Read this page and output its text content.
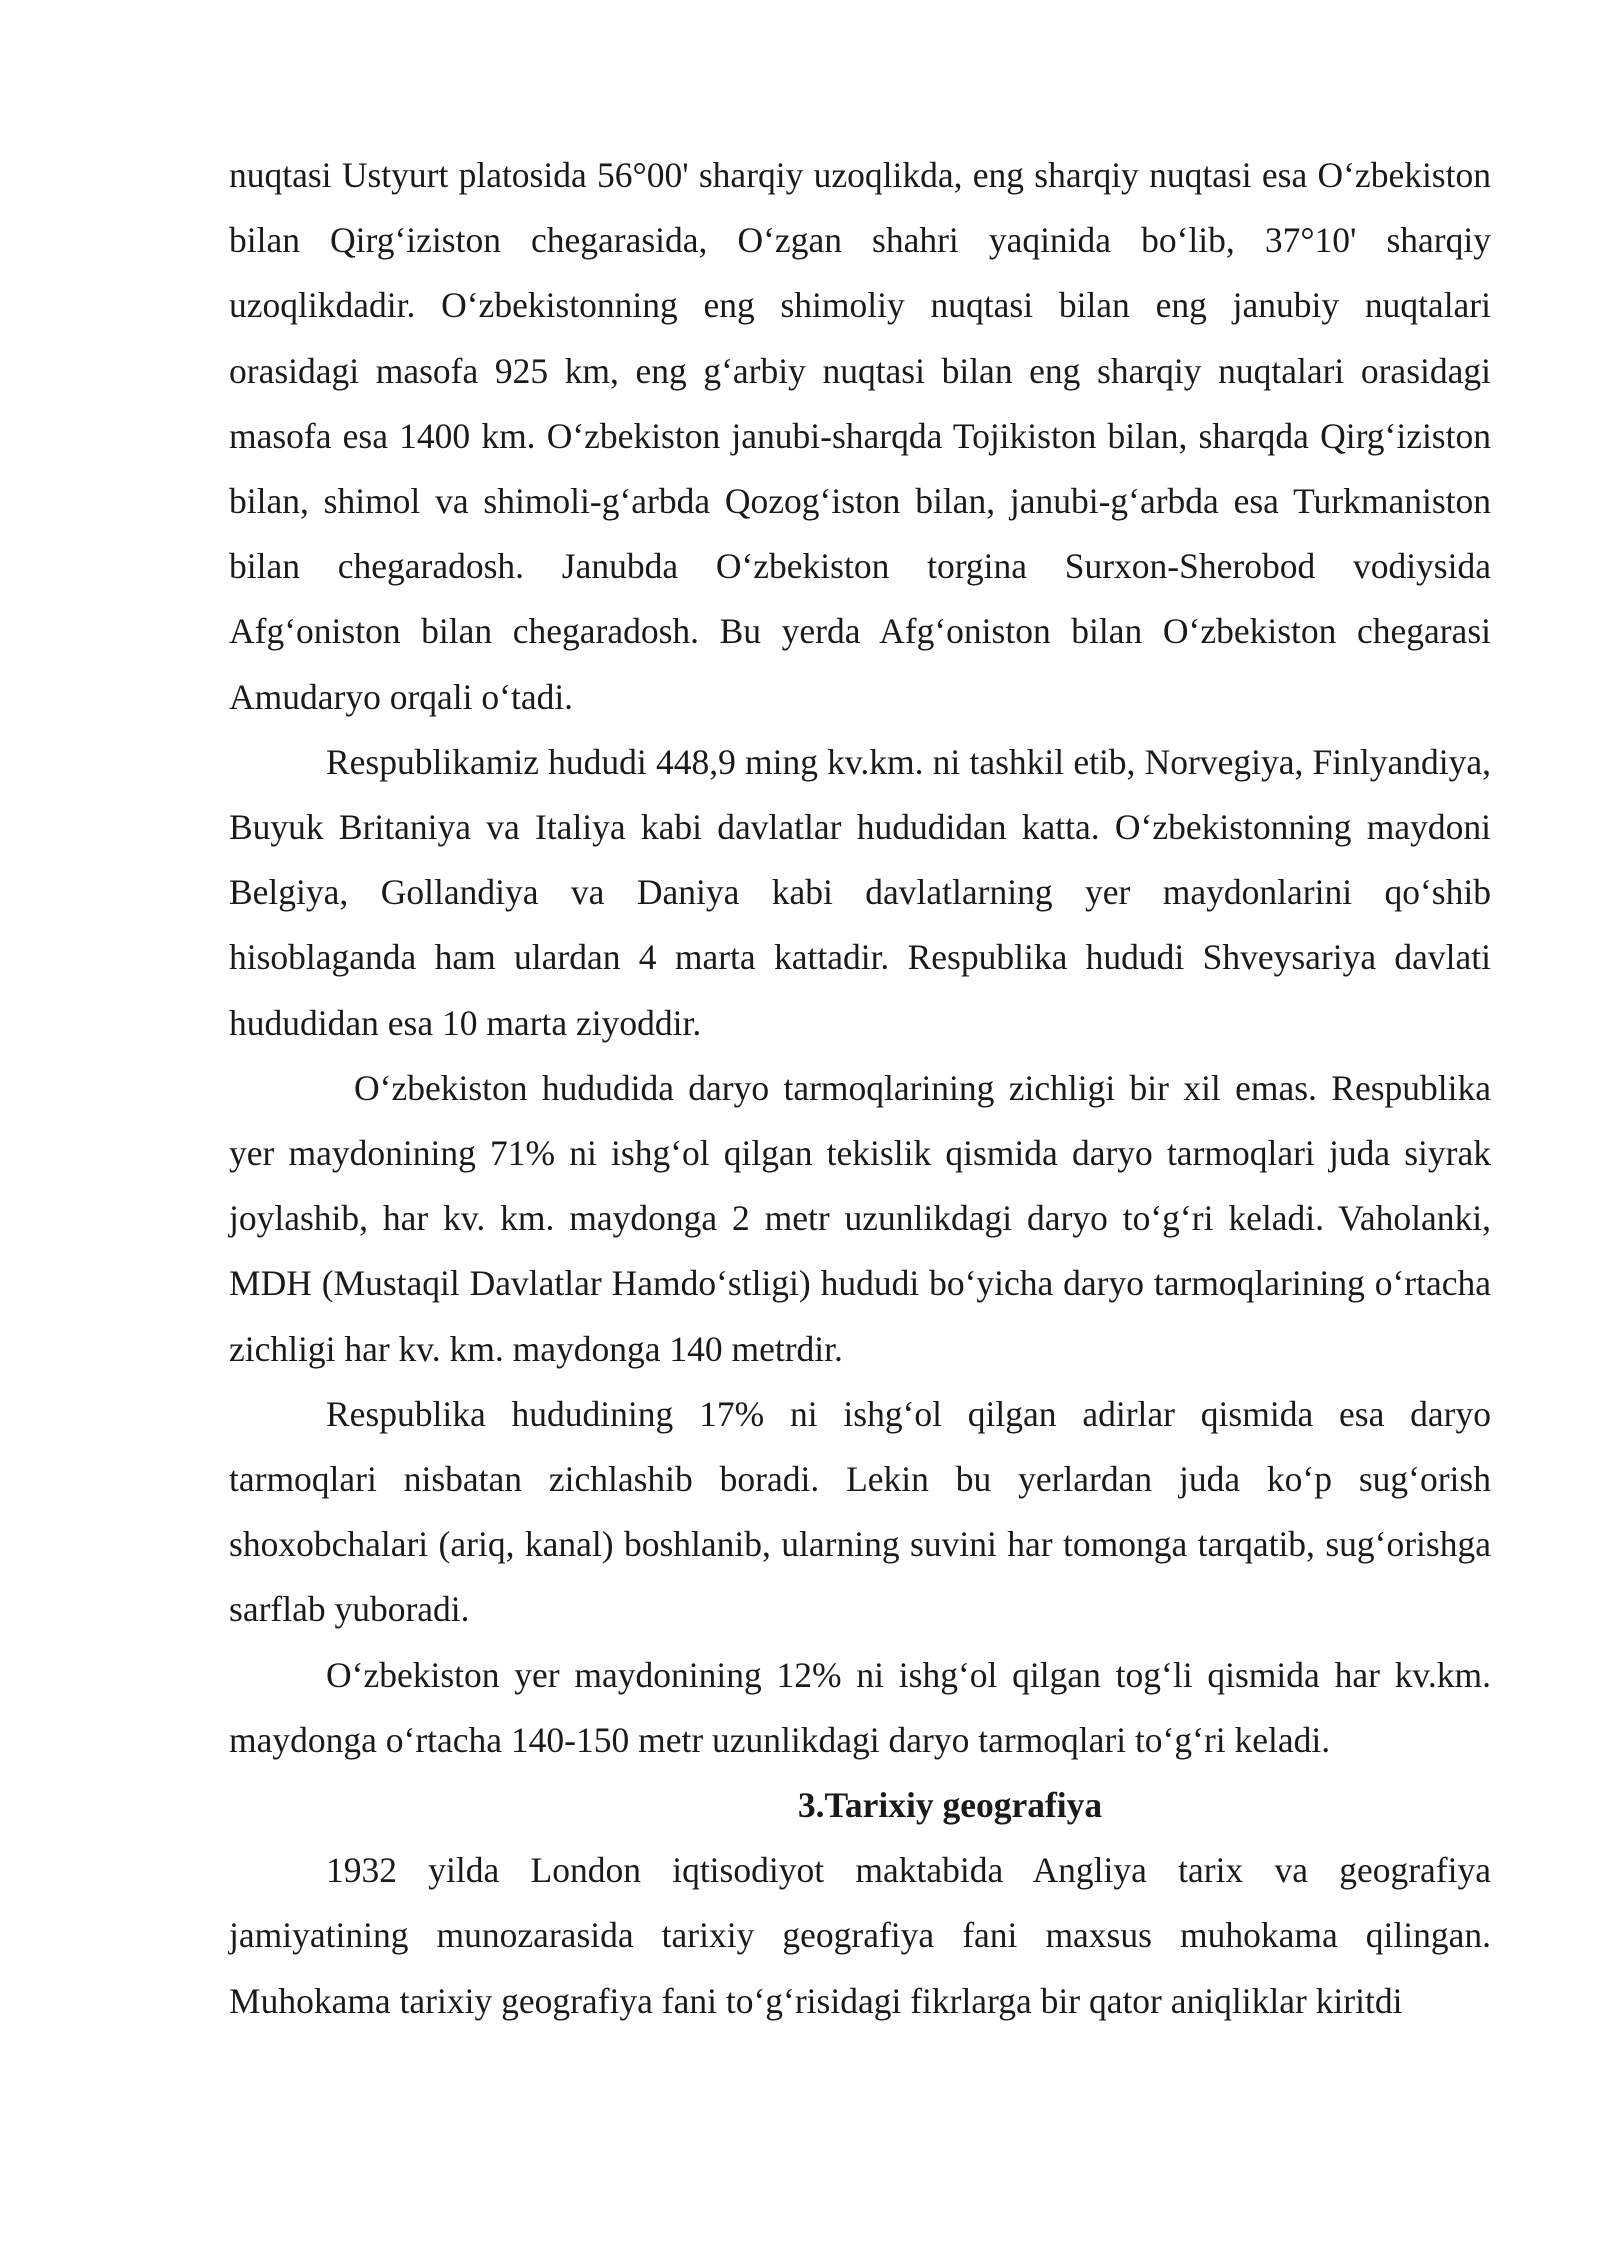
nuqtasi Ustyurt platosida 56°00' sharqiy uzoqlikda, eng sharqiy nuqtasi esa O‘zbekiston bilan Qirg‘iziston chegarasida, O‘zgan shahri yaqinida bo‘lib, 37°10' sharqiy uzoqlikdadir. O‘zbekistonning eng shimoliy nuqtasi bilan eng janubiy nuqtalari orasidagi masofa 925 km, eng g‘arbiy nuqtasi bilan eng sharqiy nuqtalari orasidagi masofa esa 1400 km. O‘zbekiston janubi-sharqda Tojikiston bilan, sharqda Qirg‘iziston bilan, shimol va shimoli-g‘arbda Qozog‘iston bilan, janubi-g‘arbda esa Turkmaniston bilan chegaradosh. Janubda O‘zbekiston torgina Surxon-Sherobod vodiysida Afg‘oniston bilan chegaradosh. Bu yerda Afg‘oniston bilan O‘zbekiston chegarasi Amudaryo orqali o‘tadi.

Respublikamiz hududi 448,9 ming kv.km. ni tashkil etib, Norvegiya, Finlyandiya, Buyuk Britaniya va Italiya kabi davlatlar hududidan katta. O‘zbekistonning maydoni Belgiya, Gollandiya va Daniya kabi davlatlarning yer maydonlarini qo‘shib hisoblaganda ham ulardan 4 marta kattadir. Respublika hududi Shveysariya davlati hududidan esa 10 marta ziyoddir.

O‘zbekiston hududida daryo tarmoqlarining zichligi bir xil emas. Respublika yer maydonining 71% ni ishg‘ol qilgan tekislik qismida daryo tarmoqlari juda siyrak joylashib, har kv. km. maydonga 2 metr uzunlikdagi daryo to‘g‘ri keladi. Vaholanki, MDH (Mustaqil Davlatlar Hamdo‘stligi) hududi bo‘yicha daryo tarmoqlarining o‘rtacha zichligi har kv. km. maydonga 140 metrdir.

Respublika hududining 17% ni ishg‘ol qilgan adirlar qismida esa daryo tarmoqlari nisbatan zichlashib boradi. Lekin bu yerlardan juda ko‘p sug‘orish shoxobchalari (ariq, kanal) boshlanib, ularning suvini har tomonga tarqatib, sug‘orishga sarflab yuboradi.

O‘zbekiston yer maydonining 12% ni ishg‘ol qilgan tog‘li qismida har kv.km. maydonga o‘rtacha 140-150 metr uzunlikdagi daryo tarmoqlari to‘g‘ri keladi.

3.Tarixiy geografiya

1932 yilda London iqtisodiyot maktabida Angliya tarix va geografiya jamiyatining munozarasida tarixiy geografiya fani maxsus muhokama qilingan. Muhokama tarixiy geografiya fani to‘g‘risidagi fikrlarga bir qator aniqliklar kiritdi
